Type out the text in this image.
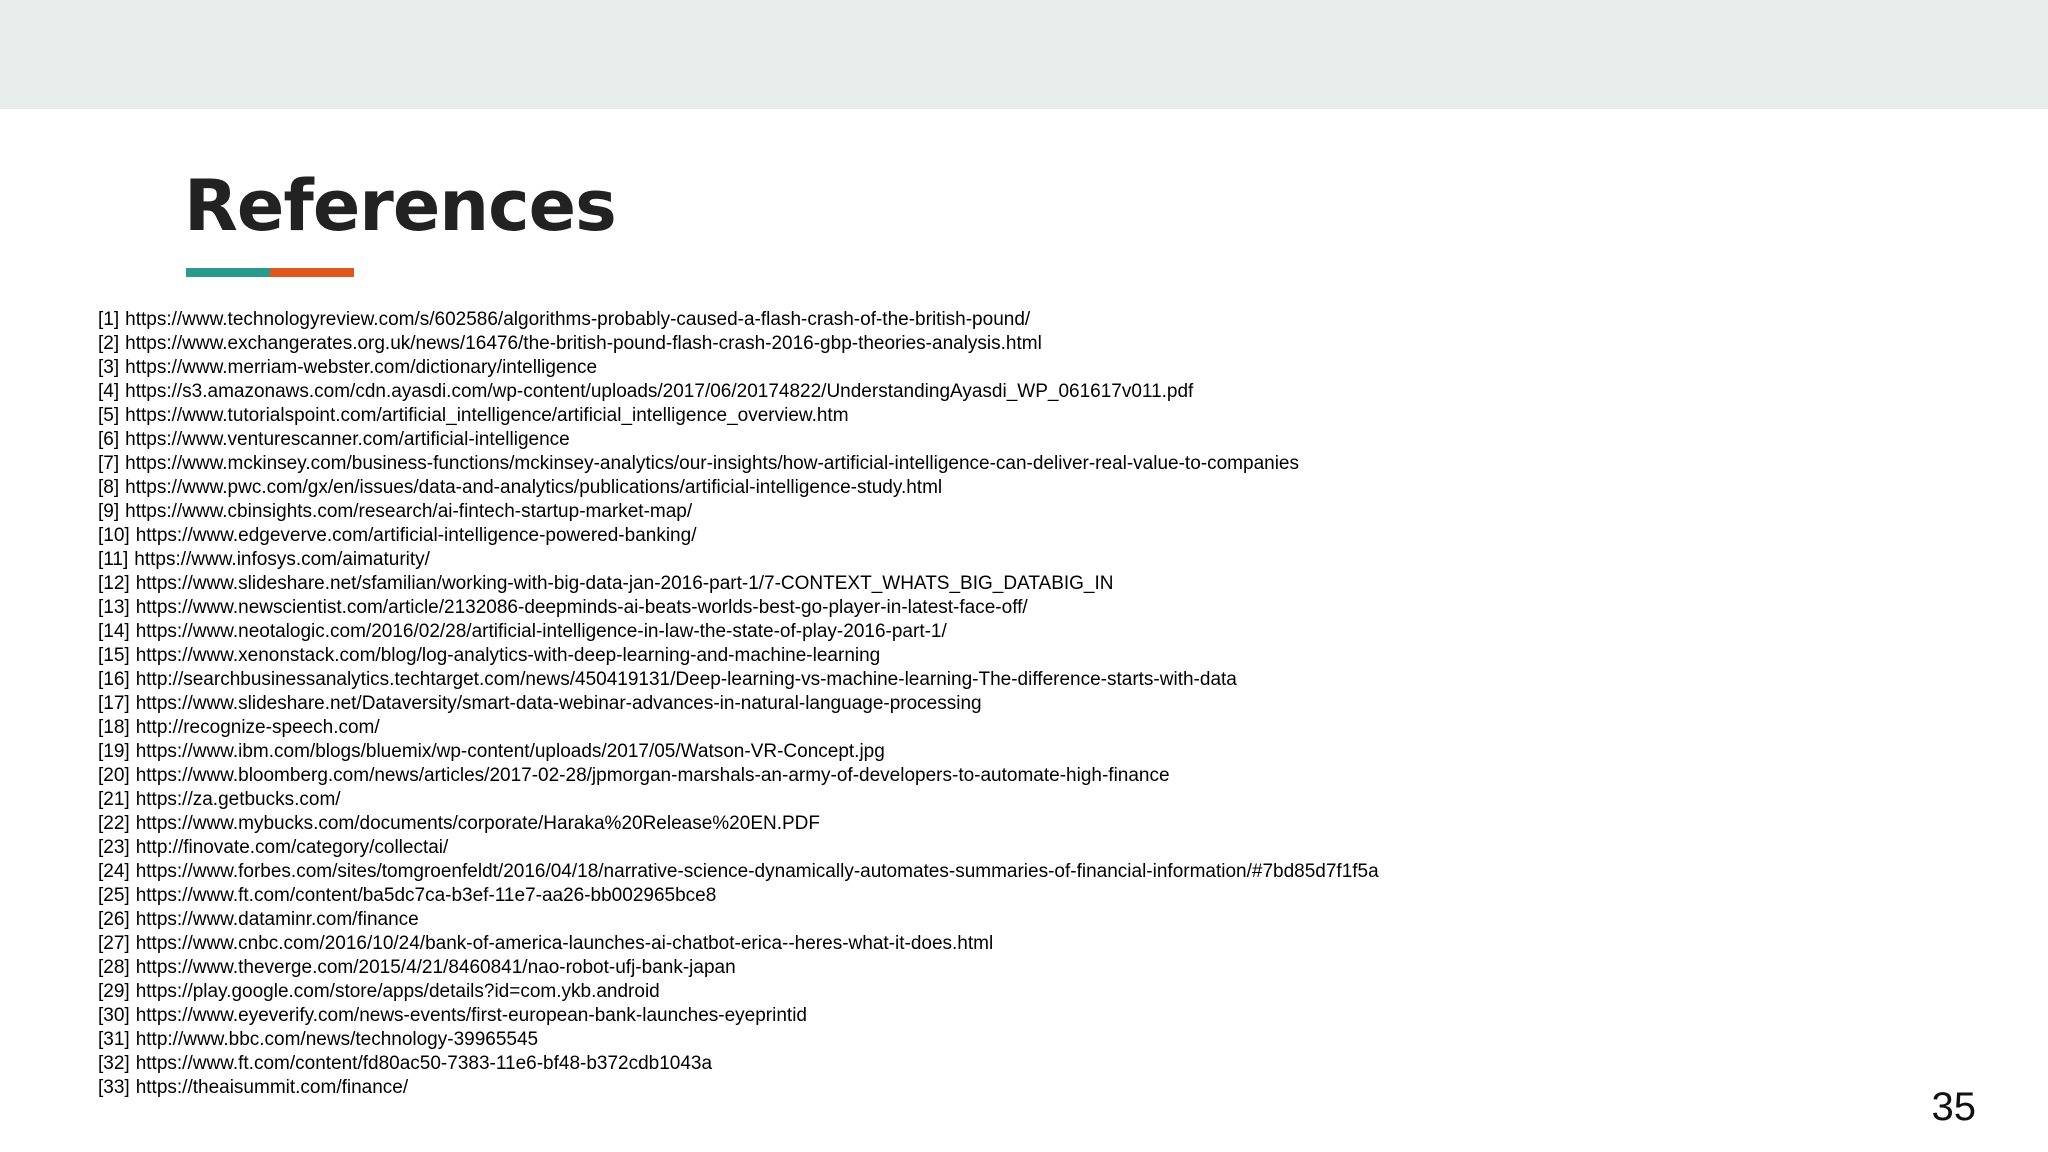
References
[1] https://www.technologyreview.com/s/602586/algorithms-probably-caused-a-flash-crash-of-the-british-pound/
[2] https://www.exchangerates.org.uk/news/16476/the-british-pound-flash-crash-2016-gbp-theories-analysis.html
[3] https://www.merriam-webster.com/dictionary/intelligence
[4] https://s3.amazonaws.com/cdn.ayasdi.com/wp-content/uploads/2017/06/20174822/UnderstandingAyasdi_WP_061617v011.pdf
[5] https://www.tutorialspoint.com/artificial_intelligence/artificial_intelligence_overview.htm
[6] https://www.venturescanner.com/artificial-intelligence
[7] https://www.mckinsey.com/business-functions/mckinsey-analytics/our-insights/how-artificial-intelligence-can-deliver-real-value-to-companies
[8] https://www.pwc.com/gx/en/issues/data-and-analytics/publications/artificial-intelligence-study.html
[9] https://www.cbinsights.com/research/ai-fintech-startup-market-map/
[10] https://www.edgeverve.com/artificial-intelligence-powered-banking/
[11] https://www.infosys.com/aimaturity/
[12] https://www.slideshare.net/sfamilian/working-with-big-data-jan-2016-part-1/7-CONTEXT_WHATS_BIG_DATABIG_IN
[13] https://www.newscientist.com/article/2132086-deepminds-ai-beats-worlds-best-go-player-in-latest-face-off/
[14] https://www.neotalogic.com/2016/02/28/artificial-intelligence-in-law-the-state-of-play-2016-part-1/
[15] https://www.xenonstack.com/blog/log-analytics-with-deep-learning-and-machine-learning
[16] http://searchbusinessanalytics.techtarget.com/news/450419131/Deep-learning-vs-machine-learning-The-difference-starts-with-data
[17] https://www.slideshare.net/Dataversity/smart-data-webinar-advances-in-natural-language-processing
[18] http://recognize-speech.com/
[19] https://www.ibm.com/blogs/bluemix/wp-content/uploads/2017/05/Watson-VR-Concept.jpg
[20] https://www.bloomberg.com/news/articles/2017-02-28/jpmorgan-marshals-an-army-of-developers-to-automate-high-finance
[21] https://za.getbucks.com/
[22] https://www.mybucks.com/documents/corporate/Haraka%20Release%20EN.PDF
[23] http://finovate.com/category/collectai/
[24] https://www.forbes.com/sites/tomgroenfeldt/2016/04/18/narrative-science-dynamically-automates-summaries-of-financial-information/#7bd85d7f1f5a
[25] https://www.ft.com/content/ba5dc7ca-b3ef-11e7-aa26-bb002965bce8
[26] https://www.dataminr.com/finance
[27] https://www.cnbc.com/2016/10/24/bank-of-america-launches-ai-chatbot-erica--heres-what-it-does.html
[28] https://www.theverge.com/2015/4/21/8460841/nao-robot-ufj-bank-japan
[29] https://play.google.com/store/apps/details?id=com.ykb.android
[30] https://www.eyeverify.com/news-events/first-european-bank-launches-eyeprintid
[31] http://www.bbc.com/news/technology-39965545
[32] https://www.ft.com/content/fd80ac50-7383-11e6-bf48-b372cdb1043a
[33] https://theaisummit.com/finance/	35
